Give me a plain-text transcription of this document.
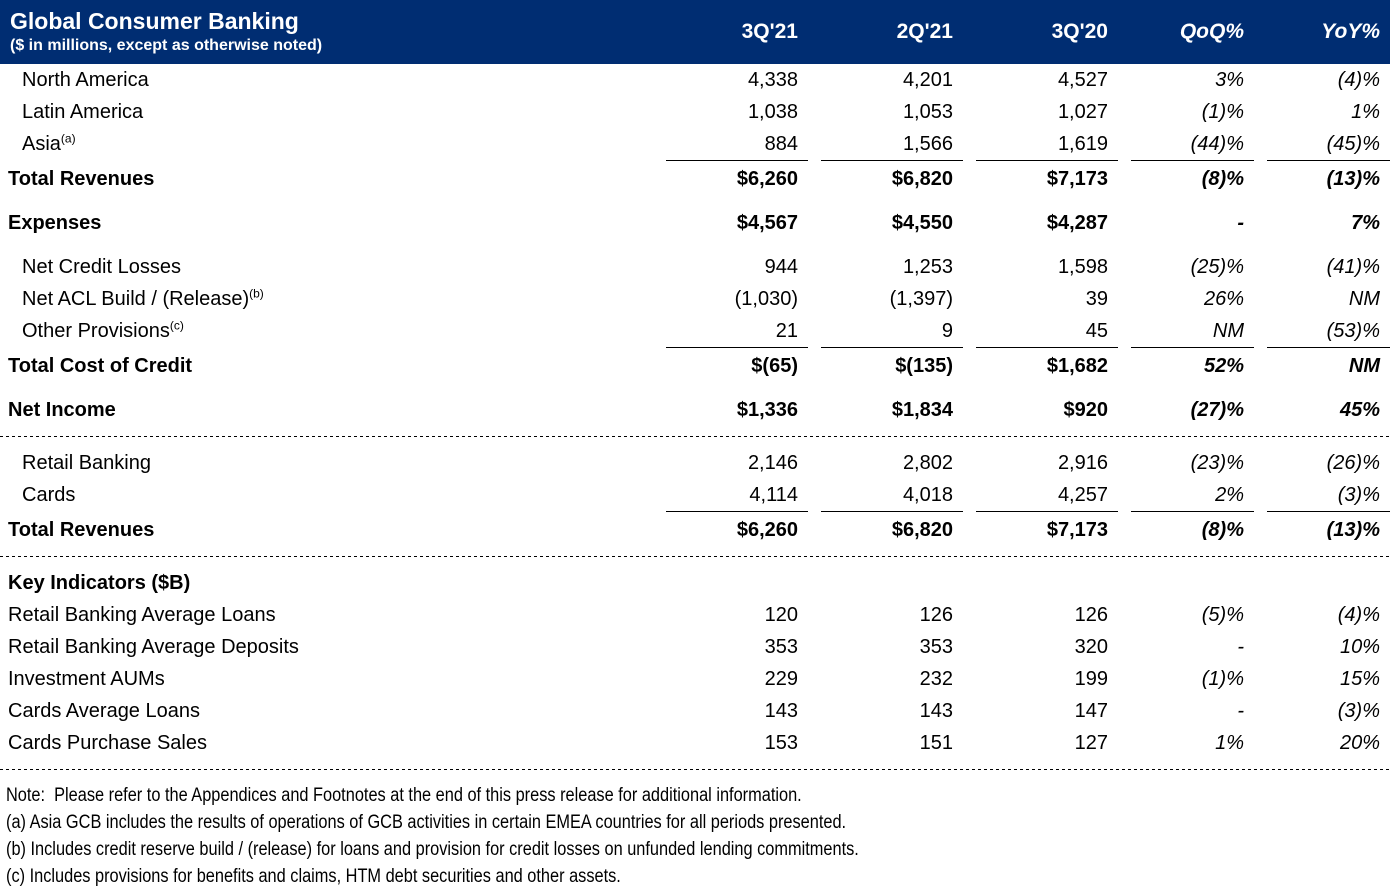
Global Consumer Banking
($ in millions, except as otherwise noted)
3Q'21	2Q'21	3Q'20	QoQ%	YoY%
North America	4,338	4,201	4,527	3%	(4)%
Latin America	1,038	1,053	1,027	(1)%	1%
Asia$^{(a)}$	884	1,566	1,619	(44)%	(45)%
Total Revenues	$6,260	$6,820	$7,173	(8)%	(13)%
Expenses	$4,567	$4,550	$4,287	-	7%
Net Credit Losses	944	1,253	1,598	(25)%	(41)%
Net ACL Build / (Release)$^{(b)}$	(1,030)	(1,397)	39	26%	NM
Other Provisions$^{(c)}$	21	9	45	NM	(53)%
Total Cost of Credit	$(65)	$(135)	$1,682	52%	NM
Net Income	$1,336	$1,834	$920	(27)%	45%
Retail Banking	2,146	2,802	2,916	(23)%	(26)%
Cards	4,114	4,018	4,257	2%	(3)%
Total Revenues	$6,260	$6,820	$7,173	(8)%	(13)%
Key Indicators ($B)
Retail Banking Average Loans	120	126	126	(5)%	(4)%
Retail Banking Average Deposits	353	353	320	-	10%
Investment AUMs	229	232	199	(1)%	15%
Cards Average Loans	143	143	147	-	(3)%
Cards Purchase Sales	153	151	127	1%	20%
Note:  Please refer to the Appendices and Footnotes at the end of this press release for additional information.
(a) Asia GCB includes the results of operations of GCB activities in certain EMEA countries for all periods presented.
(b) Includes credit reserve build / (release) for loans and provision for credit losses on unfunded lending commitments.
(c) Includes provisions for benefits and claims, HTM debt securities and other assets.
